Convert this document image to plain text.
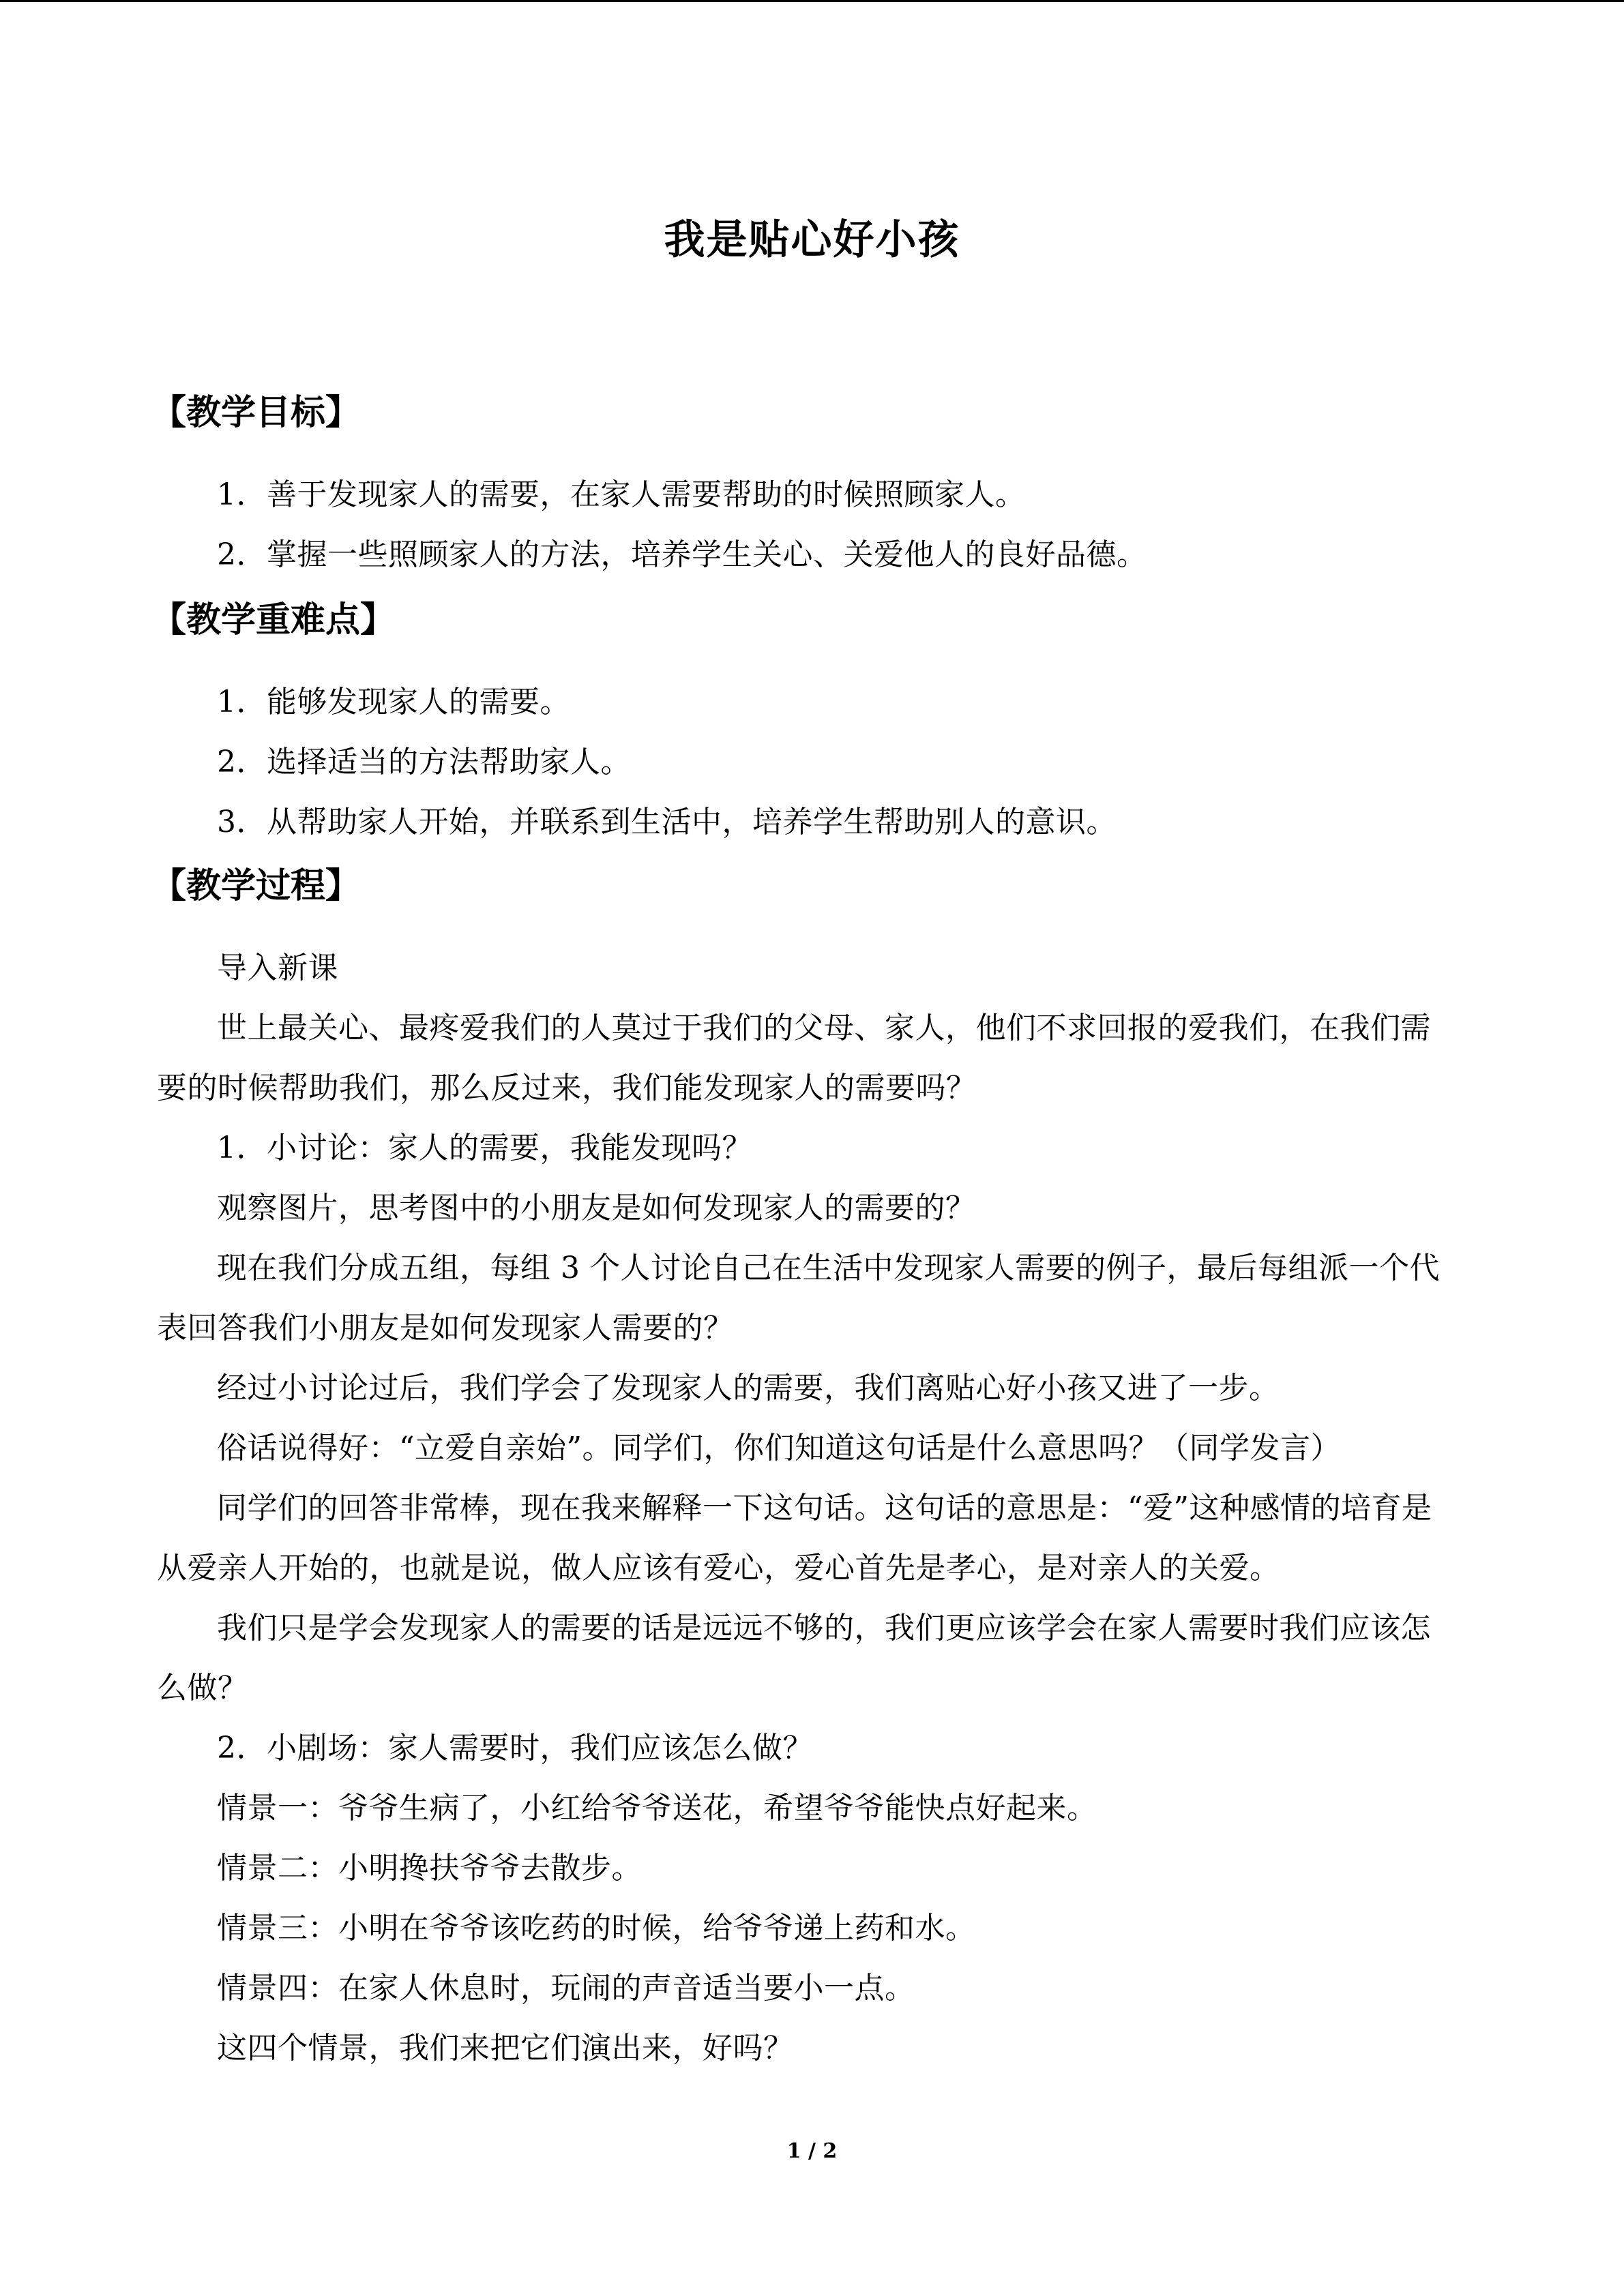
我是贴心好小孩
【教学目标】
1．善于发现家人的需要，在家人需要帮助的时候照顾家人。
2．掌握一些照顾家人的方法，培养学生关心、关爱他人的良好品德。
【教学重难点】
1．能够发现家人的需要。
2．选择适当的方法帮助家人。
3．从帮助家人开始，并联系到生活中，培养学生帮助别人的意识。
【教学过程】
导入新课
世上最关心、最疼爱我们的人莫过于我们的父母、家人，他们不求回报的爱我们，在我们需要的时候帮助我们，那么反过来，我们能发现家人的需要吗？
1．小讨论：家人的需要，我能发现吗？
观察图片，思考图中的小朋友是如何发现家人的需要的？
现在我们分成五组，每组 3 个人讨论自己在生活中发现家人需要的例子，最后每组派一个代表回答我们小朋友是如何发现家人需要的？
经过小讨论过后，我们学会了发现家人的需要，我们离贴心好小孩又进了一步。
俗话说得好：“立爱自亲始”。同学们，你们知道这句话是什么意思吗？（同学发言）
同学们的回答非常棒，现在我来解释一下这句话。这句话的意思是：“爱”这种感情的培育是从爱亲人开始的，也就是说，做人应该有爱心，爱心首先是孝心，是对亲人的关爱。
我们只是学会发现家人的需要的话是远远不够的，我们更应该学会在家人需要时我们应该怎么做？
2．小剧场：家人需要时，我们应该怎么做？
情景一：爷爷生病了，小红给爷爷送花，希望爷爷能快点好起来。
情景二：小明搀扶爷爷去散步。
情景三：小明在爷爷该吃药的时候，给爷爷递上药和水。
情景四：在家人休息时，玩闹的声音适当要小一点。
这四个情景，我们来把它们演出来，好吗？
1 / 2
